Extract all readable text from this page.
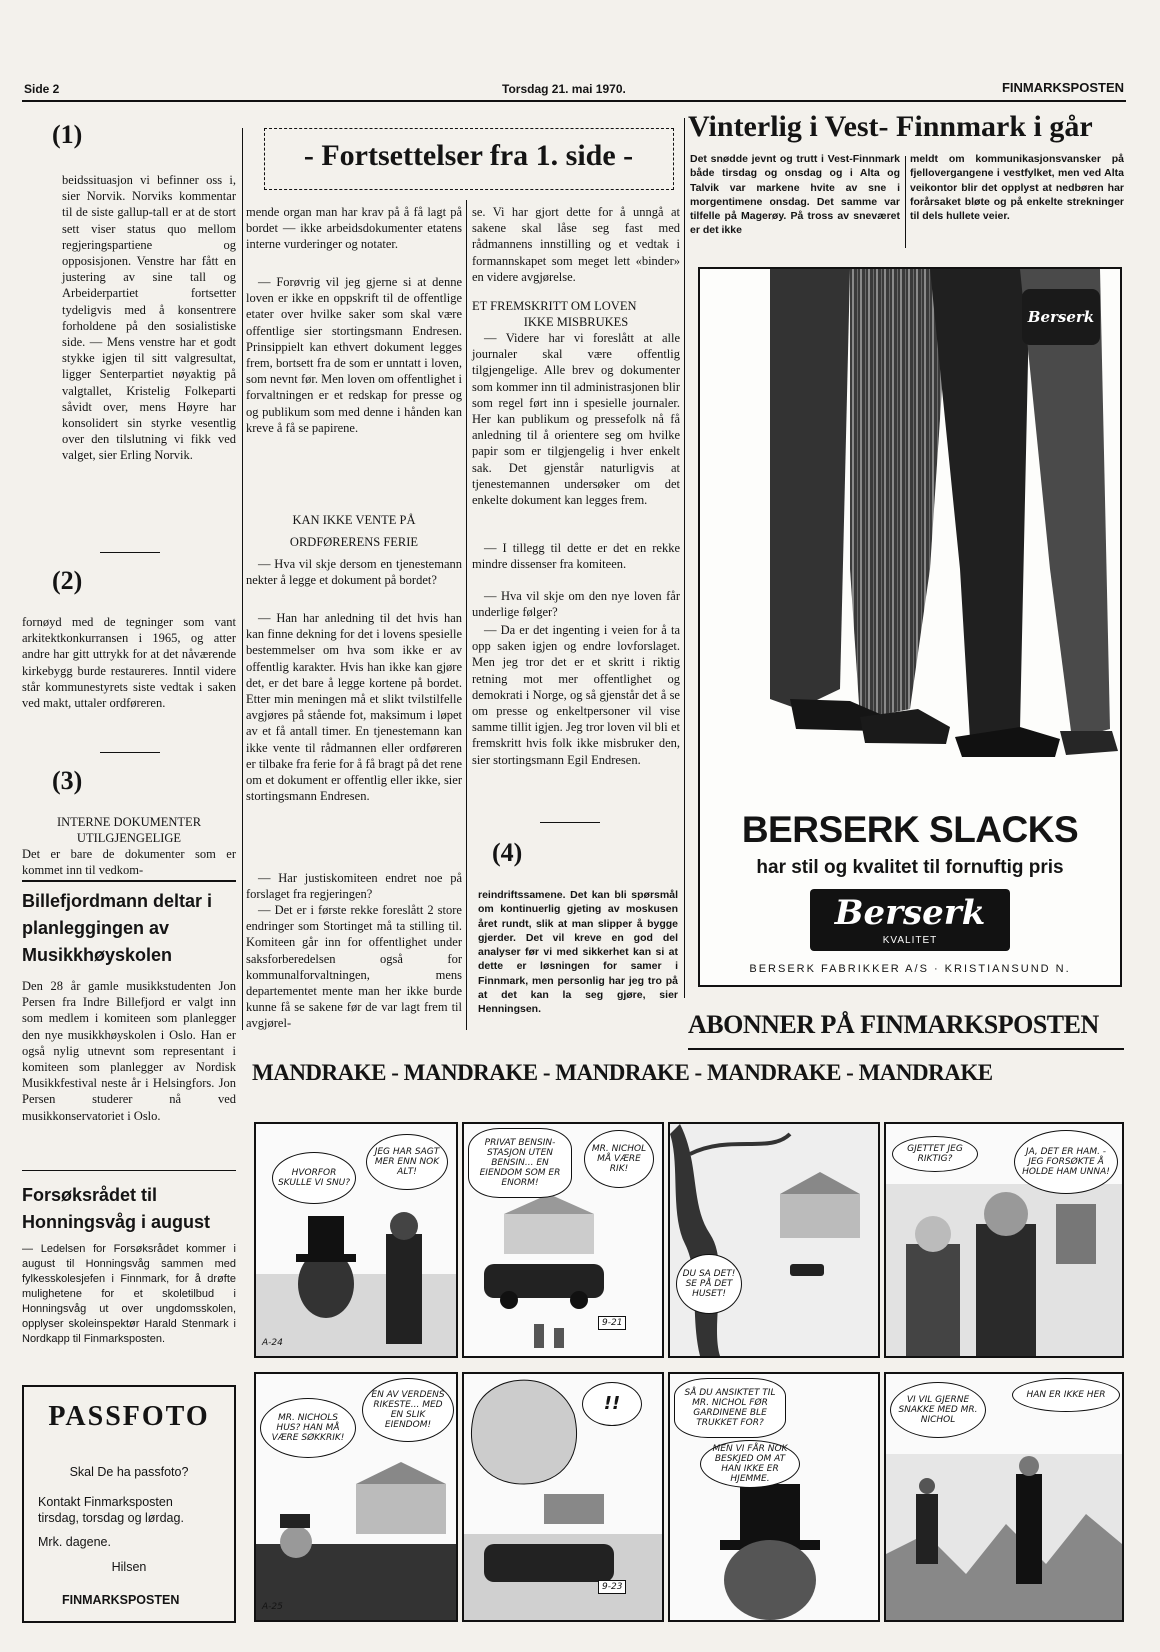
Side 2	Torsdag 21. mai 1970.	FINMARKSPOSTEN
(1)
beidssituasjon vi befinner oss i, sier Norvik. Norviks kommentar til de siste gallup-tall er at de stort sett viser status quo mellom regjeringspartiene og opposisjonen. Venstre har fått en justering av sine tall og Arbeiderpartiet fortsetter tydeligvis med å konsentrere forholdene på den sosialistiske side. — Mens venstre har et godt stykke igjen til sitt valgresultat, ligger Senterpartiet nøyaktig på valgtallet, Kristelig Folkeparti såvidt over, mens Høyre har konsolidert sin styrke vesentlig over den tilslutning vi fikk ved valget, sier Erling Norvik.
(2)
fornøyd med de tegninger som vant arkitektkonkurransen i 1965, og atter andre har gitt uttrykk for at det nåværende kirkebygg burde restaureres. Inntil videre står kommunestyrets siste vedtak i saken ved makt, uttaler ordføreren.
(3)
INTERNE DOKUMENTER
UTILGJENGELIGE
Det er bare de dokumenter som er kommet inn til vedkom-
Billefjordmann deltar i planleggingen av Musikkhøyskolen
Den 28 år gamle musikkstudenten Jon Persen fra Indre Billefjord er valgt inn som medlem i komiteen som planlegger den nye musikkhøyskolen i Oslo. Han er også nylig utnevnt som representant i komiteen som planlegger av Nordisk Musikkfestival neste år i Helsingfors. Jon Persen studerer nå ved musikkonservatoriet i Oslo.
Forsøksrådet til Honningsvåg i august
— Ledelsen for Forsøksrådet kommer i august til Honningsvåg sammen med fylkesskolesjefen i Finnmark, for å drøfte mulighetene for et skoletilbud i Honningsvåg ut over ungdomsskolen, opplyser skoleinspektør Harald Stenmark i Nordkapp til Finmarksposten.
PASSFOTO
Skal De ha passfoto?
Kontakt Finmarksposten
tirsdag, torsdag og lørdag.
Mrk. dagene.
Hilsen
FINMARKSPOSTEN
- Fortsettelser fra 1. side -
mende organ man har krav på å få lagt på bordet — ikke arbeidsdokumenter etatens interne vurderinger og notater.
— Forøvrig vil jeg gjerne si at denne loven er ikke en oppskrift til de offentlige etater over hvilke saker som skal være offentlige sier stortingsmann Endresen. Prinsippielt kan ethvert dokument legges frem, bortsett fra de som er unntatt i loven, som nevnt før. Men loven om offentlighet i forvaltningen er et redskap for presse og og publikum som med denne i hånden kan kreve å få se papirene.
KAN IKKE VENTE PÅ
ORDFØRERENS FERIE
— Hva vil skje dersom en tjenestemann nekter å legge et dokument på bordet?
— Han har anledning til det hvis han kan finne dekning for det i lovens spesielle bestemmelser om hva som ikke er av offentlig karakter. Hvis han ikke kan gjøre det, er det bare å legge kortene på bordet. Etter min meningen må et slikt tvilstilfelle avgjøres på stående fot, maksimum i løpet av et få antall timer. En tjenestemann kan ikke vente til rådmannen eller ordføreren er tilbake fra ferie for å få bragt på det rene om et dokument er offentlig eller ikke, sier stortingsmann Endresen.
— Har justiskomiteen endret noe på forslaget fra regjeringen?
— Det er i første rekke foreslått 2 store endringer som Stortinget må ta stilling til. Komiteen går inn for offentlighet under saksforberedelsen også for kommunalforvaltningen, mens departementet mente man her ikke burde kunne få se sakene før de var lagt frem til avgjørel-
se. Vi har gjort dette for å unngå at sakene skal låse seg fast med rådmannens innstilling og et vedtak i formannskapet som meget lett «binder» en videre avgjørelse.
ET FREMSKRITT OM LOVEN
IKKE MISBRUKES
— Videre har vi foreslått at alle journaler skal være offentlig tilgjengelige. Alle brev og dokumenter som kommer inn til administrasjonen blir som regel ført inn i spesielle journaler. Her kan publikum og pressefolk nå få anledning til å orientere seg om hvilke papir som er tilgjengelig i hver enkelt sak. Det gjenstår naturligvis at tjenestemannen undersøker om det enkelte dokument kan legges frem.
— I tillegg til dette er det en rekke mindre dissenser fra komiteen.
— Hva vil skje om den nye loven får underlige følger?
— Da er det ingenting i veien for å ta opp saken igjen og endre lovforslaget. Men jeg tror det er et skritt i riktig retning mot mer offentlighet og demokrati i Norge, og så gjenstår det å se om presse og enkeltpersoner vil vise samme tillit igjen. Jeg tror loven vil bli et fremskritt hvis folk ikke misbruker den, sier stortingsmann Egil Endresen.
(4)
reindriftssamene. Det kan bli spørsmål om kontinuerlig gjeting av moskusen året rundt, slik at man slipper å bygge gjerder. Det vil kreve en god del analyser før vi med sikkerhet kan si at dette er løsningen for samer i Finnmark, men personlig har jeg tro på at det kan la seg gjøre, sier Henningsen.
Vinterlig i Vest- Finnmark i går
Det snødde jevnt og trutt i Vest-Finnmark både tirsdag og onsdag og i Alta og Talvik var markene hvite av sne i morgentimene onsdag. Det samme var tilfelle på Magerøy. På tross av sneværet er det ikke
meldt om kommunikasjonsvansker på fjellovergangene i vestfylket, men ved Alta veikontor blir det opplyst at nedbøren har forårsaket bløte og på enkelte strekninger til dels hullete veier.
Berserk
BERSERK SLACKS
har stil og kvalitet til fornuftig pris
Berserk
KVALITET
BERSERK FABRIKKER A/S · KRISTIANSUND N.
ABONNER PÅ FINMARKSPOSTEN
MANDRAKE - MANDRAKE - MANDRAKE - MANDRAKE - MANDRAKE
HVORFOR SKULLE VI SNU?
JEG HAR SAGT MER ENN NOK ALT!
A-24
PRIVAT BENSIN-STASJON UTEN BENSIN... EN EIENDOM SOM ER ENORM!
MR. NICHOL MÅ VÆRE RIK!
9-21
DU SA DET! SE PÅ DET HUSET!
GJETTET JEG RIKTIG?
JA, DET ER HAM. - JEG FORSØKTE Å HOLDE HAM UNNA!
MR. NICHOLS HUS? HAN MÅ VÆRE SØKKRIK!
EN AV VERDENS RIKESTE... MED EN SLIK EIENDOM!
A-25
!!
9-23
SÅ DU ANSIKTET TIL MR. NICHOL FØR GARDINENE BLE TRUKKET FOR?
MEN VI FÅR NOK BESKJED OM AT HAN IKKE ER HJEMME.
VI VIL GJERNE SNAKKE MED MR. NICHOL
HAN ER IKKE HER
